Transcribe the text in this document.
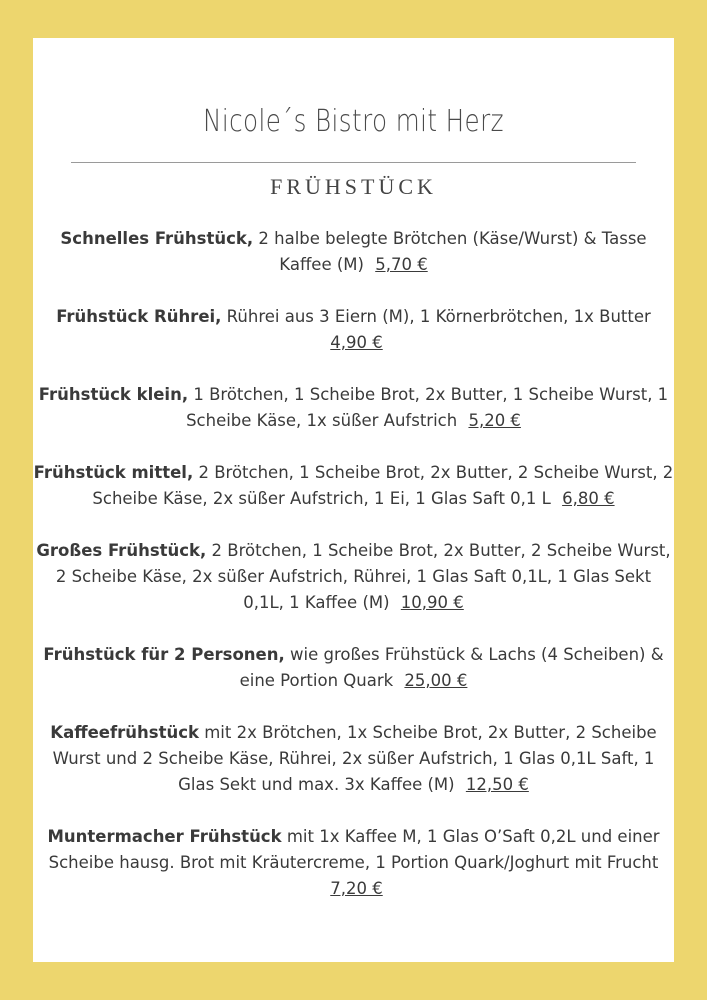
Nicole´s Bistro mit Herz
FRÜHSTÜCK
Schnelles Frühstück, 2 halbe belegte Brötchen (Käse/Wurst) & Tasse Kaffee (M) 5,70 €
Frühstück Rührei, Rührei aus 3 Eiern (M), 1 Körnerbrötchen, 1x Butter 4,90 €
Frühstück klein, 1 Brötchen, 1 Scheibe Brot, 2x Butter, 1 Scheibe Wurst, 1 Scheibe Käse, 1x süßer Aufstrich 5,20 €
Frühstück mittel, 2 Brötchen, 1 Scheibe Brot, 2x Butter, 2 Scheibe Wurst, 2 Scheibe Käse, 2x süßer Aufstrich, 1 Ei, 1 Glas Saft 0,1 L 6,80 €
Großes Frühstück, 2 Brötchen, 1 Scheibe Brot, 2x Butter, 2 Scheibe Wurst, 2 Scheibe Käse, 2x süßer Aufstrich, Rührei, 1 Glas Saft 0,1L, 1 Glas Sekt 0,1L, 1 Kaffee (M) 10,90 €
Frühstück für 2 Personen, wie großes Frühstück & Lachs (4 Scheiben) & eine Portion Quark 25,00 €
Kaffeefrühstück mit 2x Brötchen, 1x Scheibe Brot, 2x Butter, 2 Scheibe Wurst und 2 Scheibe Käse, Rührei, 2x süßer Aufstrich, 1 Glas 0,1L Saft, 1 Glas Sekt und max. 3x Kaffee (M) 12,50 €
Muntermacher Frühstück mit 1x Kaffee M, 1 Glas O’Saft 0,2L und einer Scheibe hausg. Brot mit Kräutercreme, 1 Portion Quark/Joghurt mit Frucht 7,20 €
